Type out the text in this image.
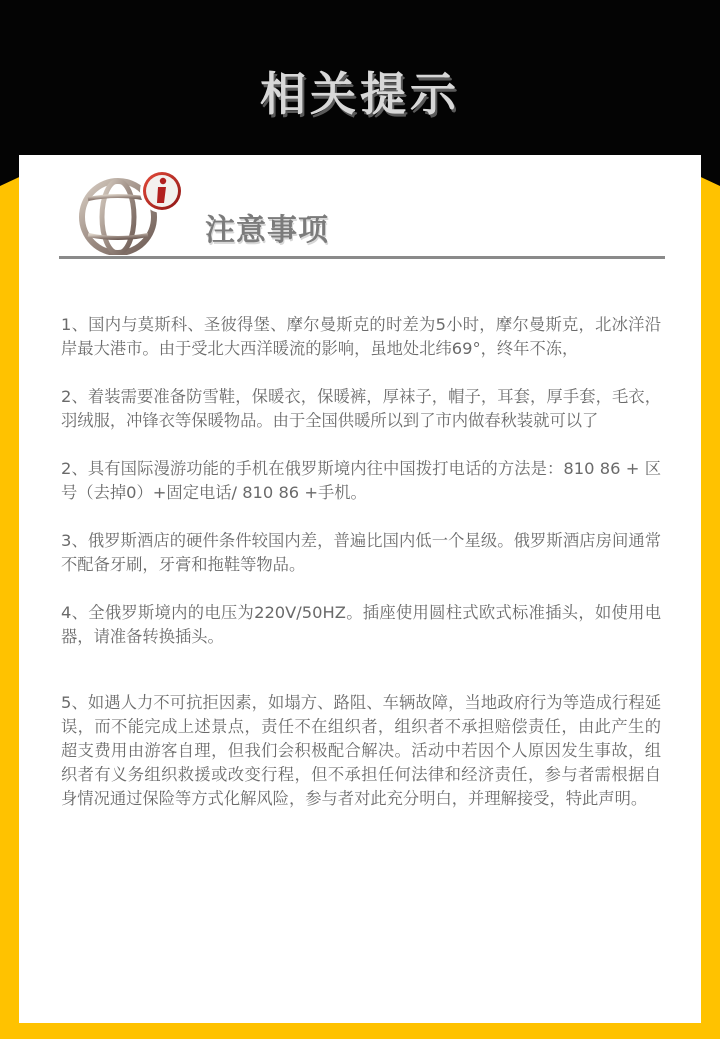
相关提示
注意事项
1、国内与莫斯科、圣彼得堡、摩尔曼斯克的时差为5小时，摩尔曼斯克，北冰洋沿岸最大港市。由于受北大西洋暖流的影响，虽地处北纬69°，终年不冻，
2、着装需要准备防雪鞋，保暖衣，保暖裤，厚袜子，帽子，耳套，厚手套，毛衣，羽绒服，冲锋衣等保暖物品。由于全国供暖所以到了市内做春秋装就可以了
2、具有国际漫游功能的手机在俄罗斯境内往中国拨打电话的方法是：810 86 + 区号（去掉0）+固定电话/ 810 86 +手机。
3、俄罗斯酒店的硬件条件较国内差，普遍比国内低一个星级。俄罗斯酒店房间通常不配备牙刷，牙膏和拖鞋等物品。
4、全俄罗斯境内的电压为220V/50HZ。插座使用圆柱式欧式标准插头，如使用电器，请准备转换插头。
5、如遇人力不可抗拒因素，如塌方、路阻、车辆故障，当地政府行为等造成行程延误，而不能完成上述景点，责任不在组织者，组织者不承担赔偿责任，由此产生的超支费用由游客自理，但我们会积极配合解决。活动中若因个人原因发生事故，组织者有义务组织救援或改变行程，但不承担任何法律和经济责任，参与者需根据自身情况通过保险等方式化解风险，参与者对此充分明白，并理解接受，特此声明。
